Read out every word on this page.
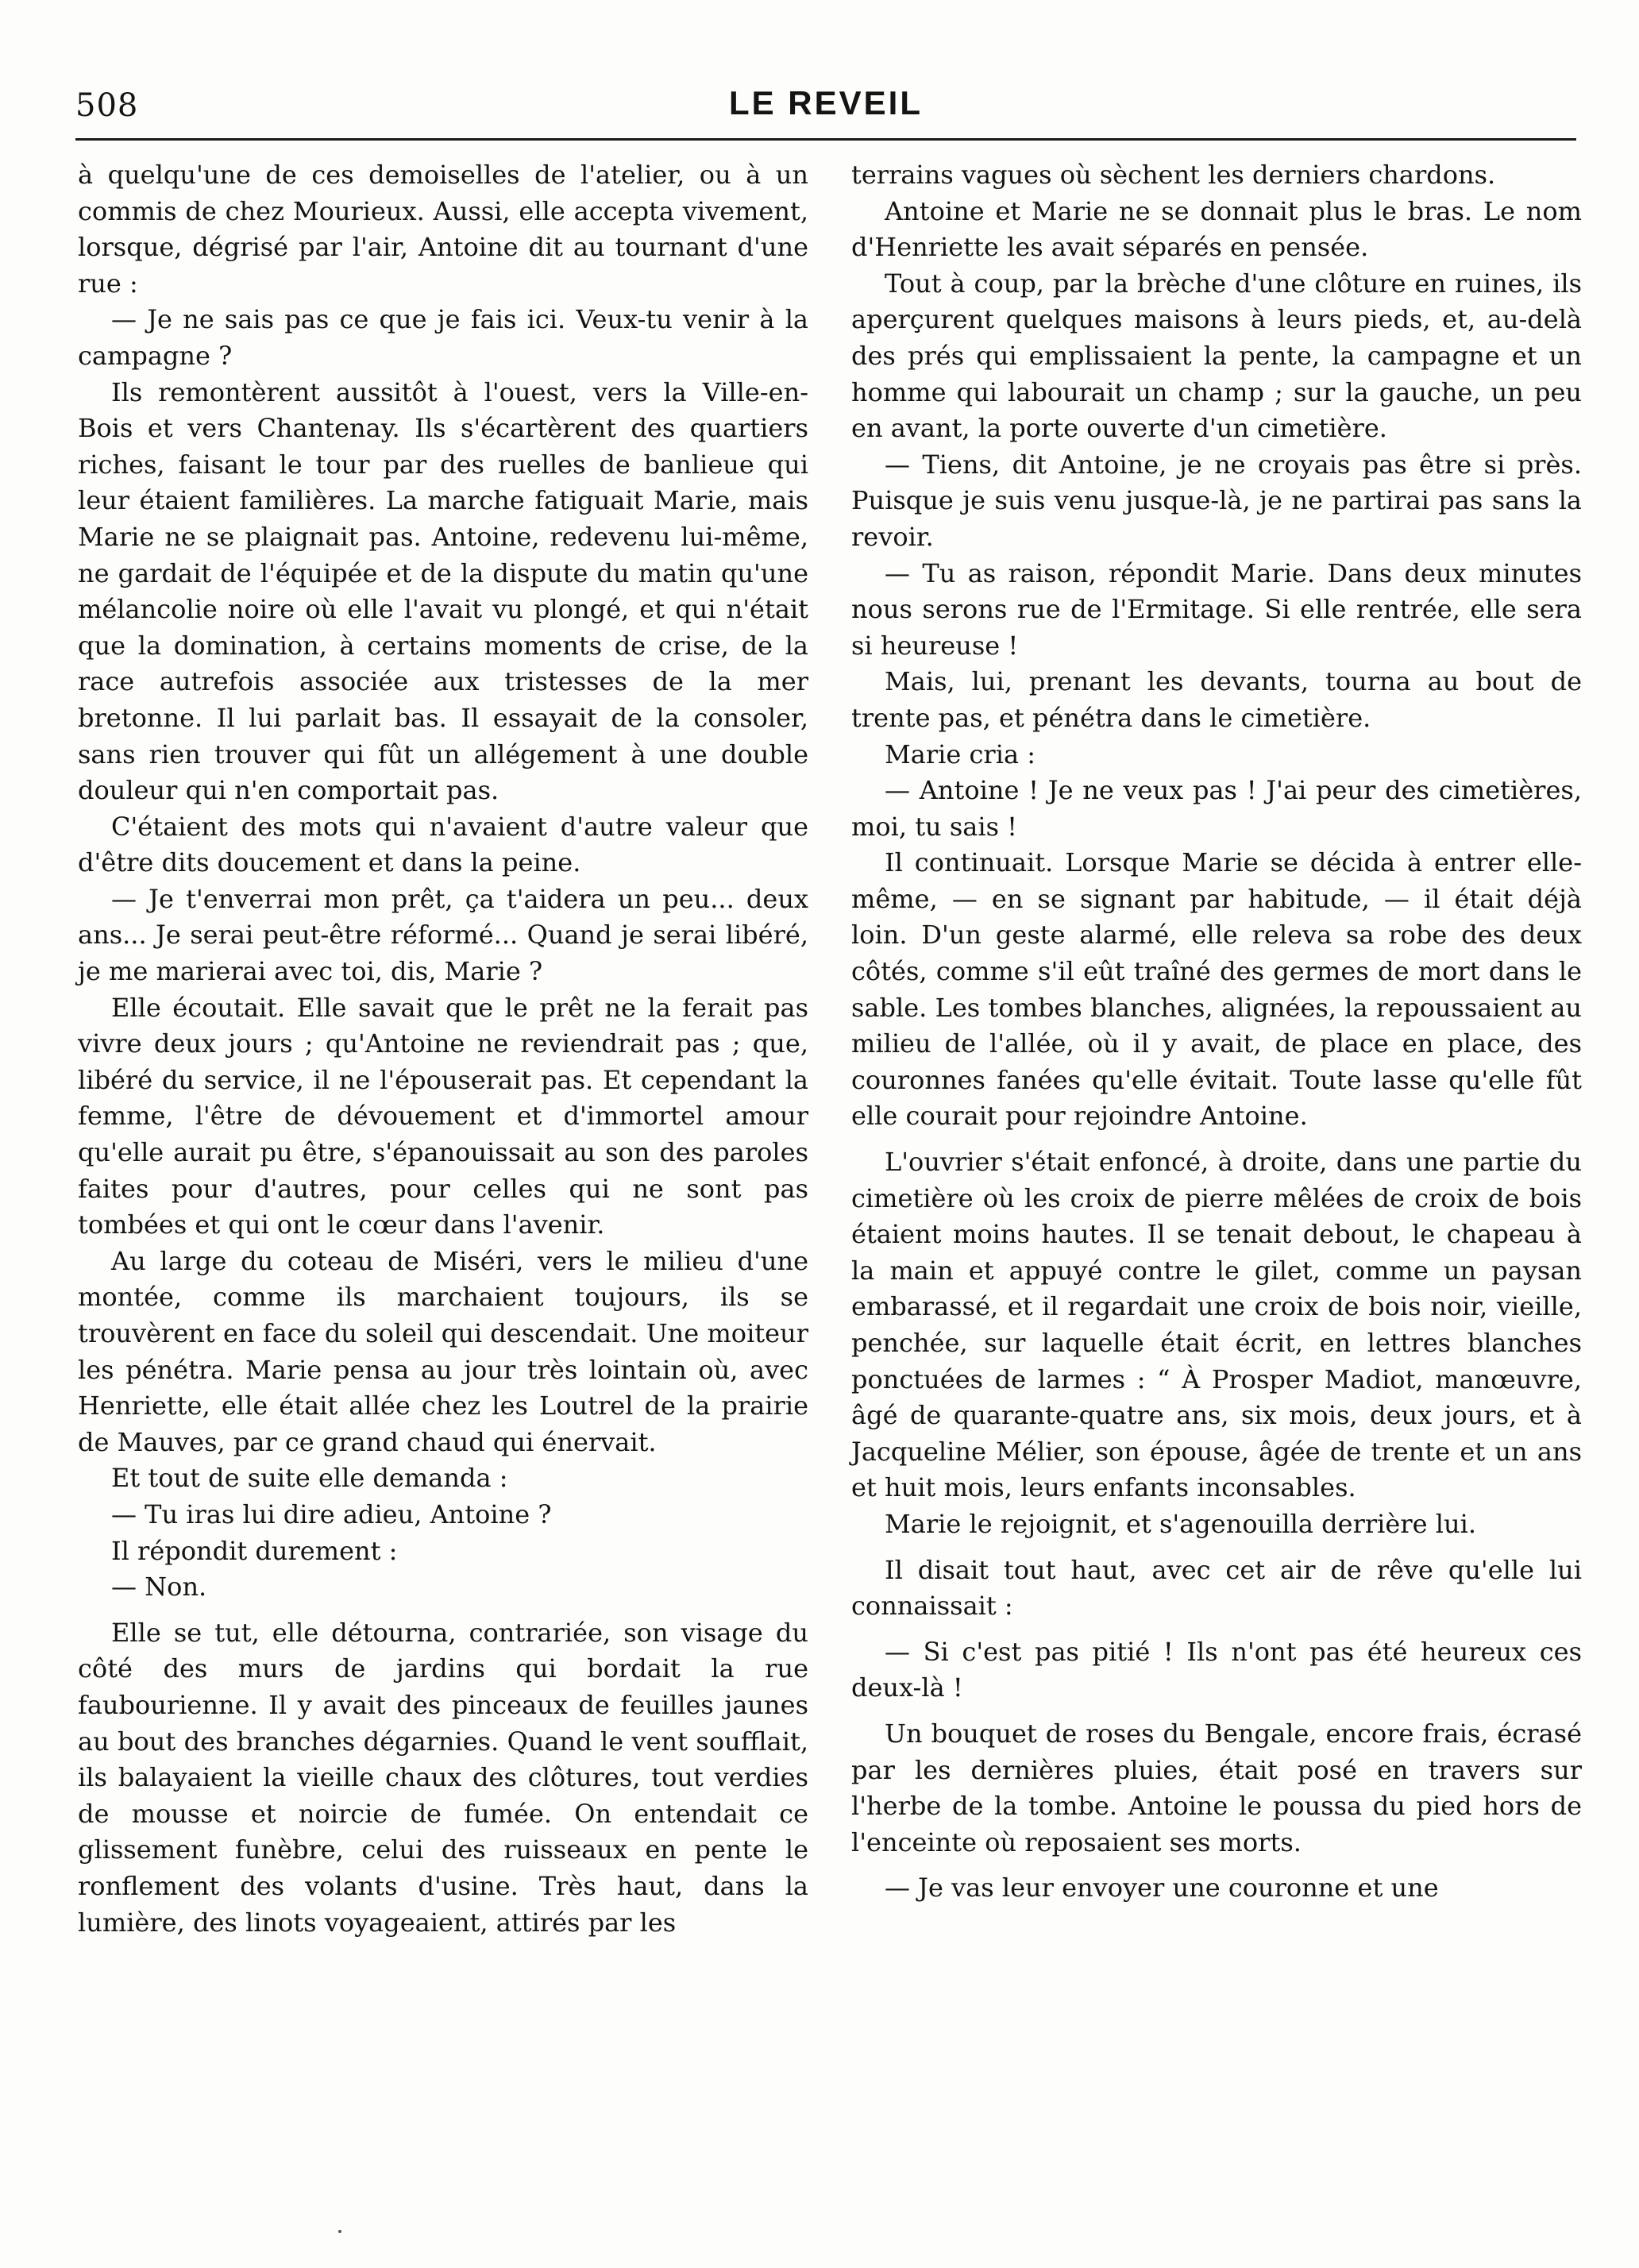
508	LE REVEIL

à quelqu'une de ces demoiselles de l'atelier, ou à un commis de chez Mourieux. Aussi, elle accepta vivement, lorsque, dégrisé par l'air, Antoine dit au tournant d'une rue :

— Je ne sais pas ce que je fais ici. Veux-tu venir à la campagne ?

Ils remontèrent aussitôt à l'ouest, vers la Ville-en-Bois et vers Chantenay. Ils s'écartèrent des quartiers riches, faisant le tour par des ruelles de banlieue qui leur étaient familières. La marche fatiguait Marie, mais Marie ne se plaignait pas. Antoine, redevenu lui-même, ne gardait de l'équipée et de la dispute du matin qu'une mélancolie noire où elle l'avait vu plongé, et qui n'était que la domination, à certains moments de crise, de la race autrefois associée aux tristesses de la mer bretonne. Il lui parlait bas. Il essayait de la consoler, sans rien trouver qui fût un allégement à une double douleur qui n'en comportait pas.

C'étaient des mots qui n'avaient d'autre valeur que d'être dits doucement et dans la peine.

— Je t'enverrai mon prêt, ça t'aidera un peu... deux ans... Je serai peut-être réformé... Quand je serai libéré, je me marierai avec toi, dis, Marie ?

Elle écoutait. Elle savait que le prêt ne la ferait pas vivre deux jours ; qu'Antoine ne reviendrait pas ; que, libéré du service, il ne l'épouserait pas. Et cependant la femme, l'être de dévouement et d'immortel amour qu'elle aurait pu être, s'épanouissait au son des paroles faites pour d'autres, pour celles qui ne sont pas tombées et qui ont le cœur dans l'avenir.

Au large du coteau de Miséri, vers le milieu d'une montée, comme ils marchaient toujours, ils se trouvèrent en face du soleil qui descendait. Une moiteur les pénétra. Marie pensa au jour très lointain où, avec Henriette, elle était allée chez les Loutrel de la prairie de Mauves, par ce grand chaud qui énervait.

Et tout de suite elle demanda :

— Tu iras lui dire adieu, Antoine ?

Il répondit durement :

— Non.

Elle se tut, elle détourna, contrariée, son visage du côté des murs de jardins qui bordait la rue faubourienne. Il y avait des pinceaux de feuilles jaunes au bout des branches dégarnies. Quand le vent soufflait, ils balayaient la vieille chaux des clôtures, tout verdies de mousse et noircie de fumée. On entendait ce glissement funèbre, celui des ruisseaux en pente le ronflement des volants d'usine. Très haut, dans la lumière, des linots voyageaient, attirés par les

terrains vagues où sèchent les derniers chardons.

Antoine et Marie ne se donnait plus le bras. Le nom d'Henriette les avait séparés en pensée.

Tout à coup, par la brèche d'une clôture en ruines, ils aperçurent quelques maisons à leurs pieds, et, au-delà des prés qui emplissaient la pente, la campagne et un homme qui labourait un champ ; sur la gauche, un peu en avant, la porte ouverte d'un cimetière.

— Tiens, dit Antoine, je ne croyais pas être si près. Puisque je suis venu jusque-là, je ne partirai pas sans la revoir.

— Tu as raison, répondit Marie. Dans deux minutes nous serons rue de l'Ermitage. Si elle rentrée, elle sera si heureuse !

Mais, lui, prenant les devants, tourna au bout de trente pas, et pénétra dans le cimetière.

Marie cria :

— Antoine ! Je ne veux pas ! J'ai peur des cimetières, moi, tu sais !

Il continuait. Lorsque Marie se décida à entrer elle-même, — en se signant par habitude, — il était déjà loin. D'un geste alarmé, elle releva sa robe des deux côtés, comme s'il eût traîné des germes de mort dans le sable. Les tombes blanches, alignées, la repoussaient au milieu de l'allée, où il y avait, de place en place, des couronnes fanées qu'elle évitait. Toute lasse qu'elle fût elle courait pour rejoindre Antoine.

L'ouvrier s'était enfoncé, à droite, dans une partie du cimetière où les croix de pierre mêlées de croix de bois étaient moins hautes. Il se tenait debout, le chapeau à la main et appuyé contre le gilet, comme un paysan embarassé, et il regardait une croix de bois noir, vieille, penchée, sur laquelle était écrit, en lettres blanches ponctuées de larmes : “ À Prosper Madiot, manœuvre, âgé de quarante-quatre ans, six mois, deux jours, et à Jacqueline Mélier, son épouse, âgée de trente et un ans et huit mois, leurs enfants inconsables.

Marie le rejoignit, et s'agenouilla derrière lui.

Il disait tout haut, avec cet air de rêve qu'elle lui connaissait :

— Si c'est pas pitié ! Ils n'ont pas été heureux ces deux-là !

Un bouquet de roses du Bengale, encore frais, écrasé par les dernières pluies, était posé en travers sur l'herbe de la tombe. Antoine le poussa du pied hors de l'enceinte où reposaient ses morts.

— Je vas leur envoyer une couronne et une
